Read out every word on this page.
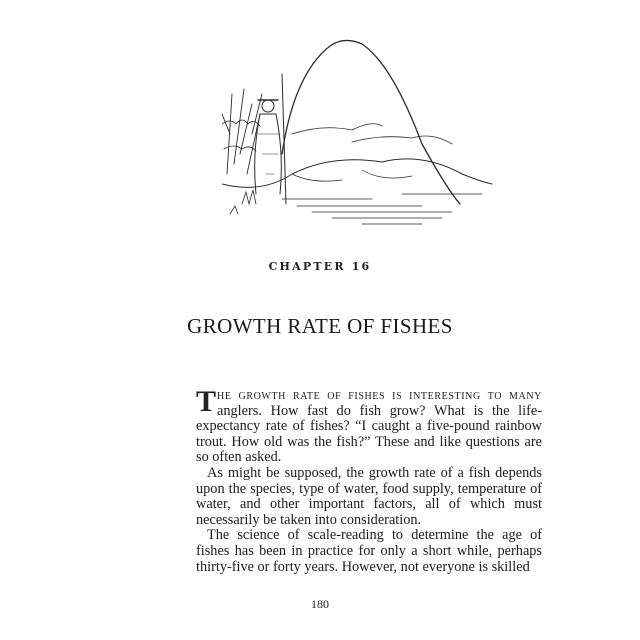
CHAPTER 16
GROWTH RATE OF FISHES

The growth rate of fishes is interesting to many anglers. How fast do fish grow? What is the life-expectancy rate of fishes? “I caught a five-pound rainbow trout. How old was the fish?” These and like questions are so often asked.

As might be supposed, the growth rate of a fish depends upon the species, type of water, food supply, temperature of water, and other important factors, all of which must necessarily be taken into consideration.

The science of scale-reading to determine the age of fishes has been in practice for only a short while, perhaps thirty-five or forty years. However, not everyone is skilled

180
